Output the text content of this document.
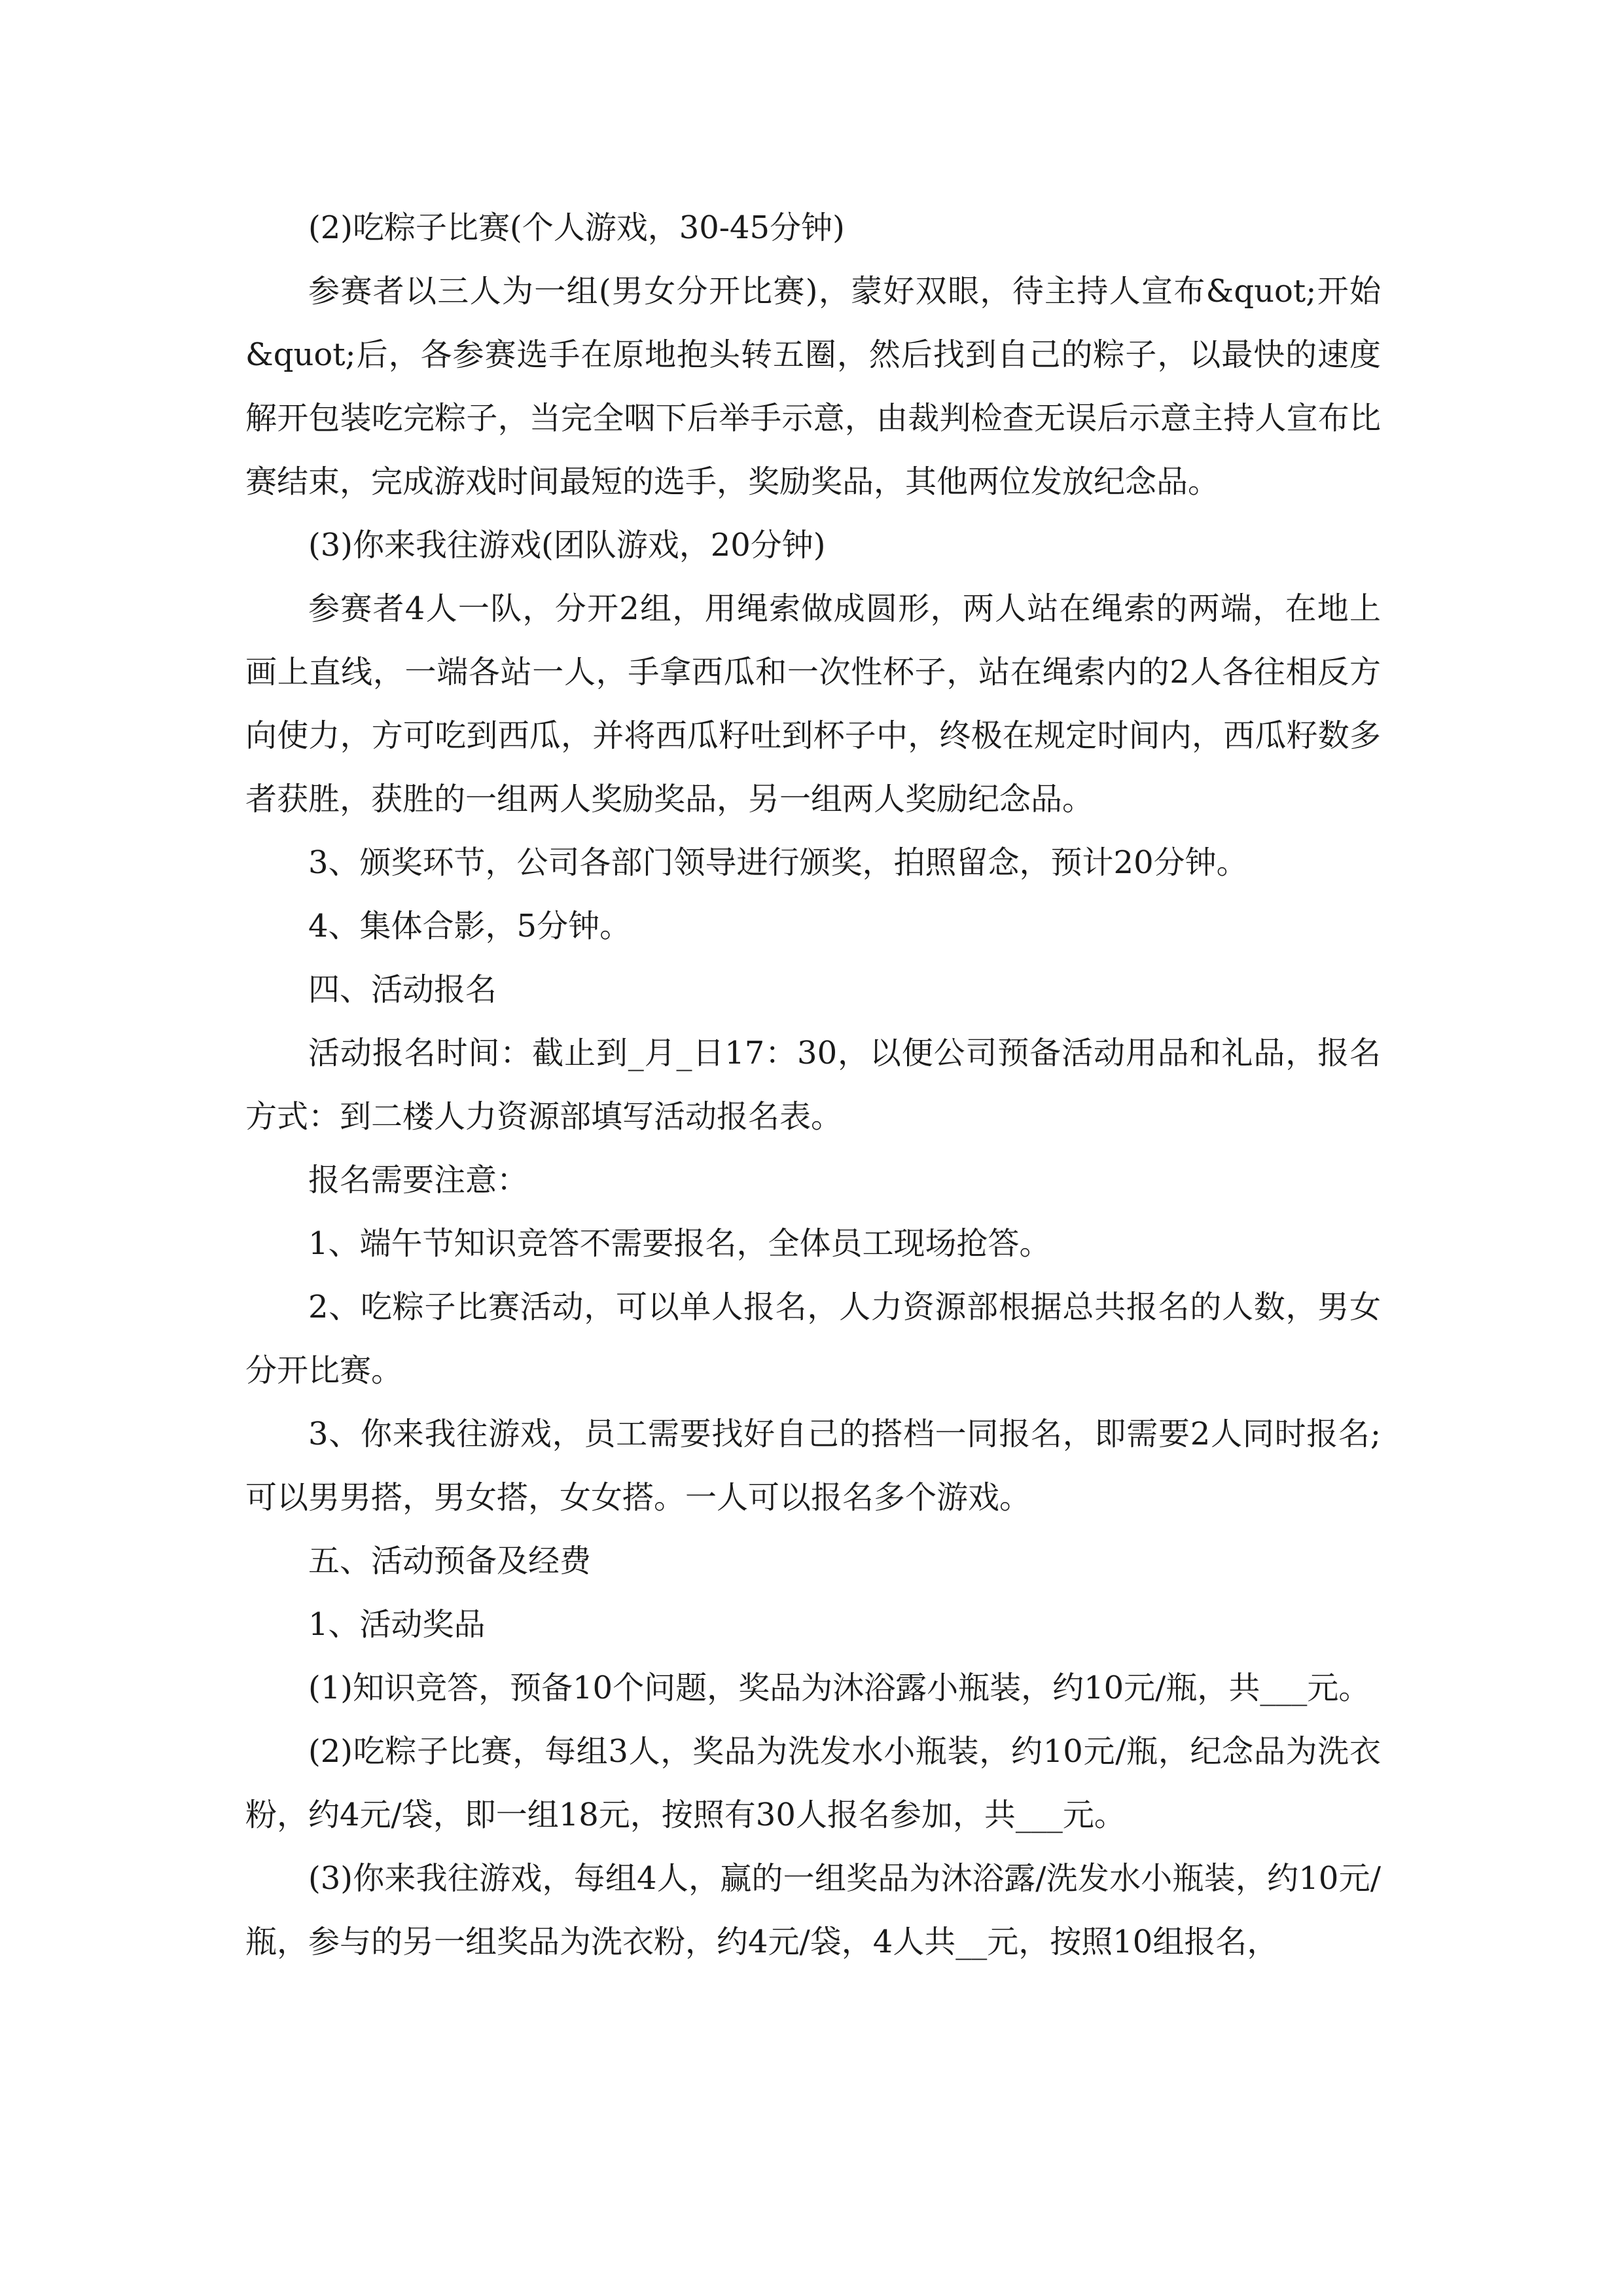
(2)吃粽子比赛(个人游戏，30-45分钟)

参赛者以三人为一组(男女分开比赛)，蒙好双眼，待主持人宣布&quot;开始&quot;后，各参赛选手在原地抱头转五圈，然后找到自己的粽子，以最快的速度解开包装吃完粽子，当完全咽下后举手示意，由裁判检查无误后示意主持人宣布比赛结束，完成游戏时间最短的选手，奖励奖品，其他两位发放纪念品。

(3)你来我往游戏(团队游戏，20分钟)

参赛者4人一队，分开2组，用绳索做成圆形，两人站在绳索的两端，在地上画上直线，一端各站一人，手拿西瓜和一次性杯子，站在绳索内的2人各往相反方向使力，方可吃到西瓜，并将西瓜籽吐到杯子中，终极在规定时间内，西瓜籽数多者获胜，获胜的一组两人奖励奖品，另一组两人奖励纪念品。

3、颁奖环节，公司各部门领导进行颁奖，拍照留念，预计20分钟。

4、集体合影，5分钟。

四、活动报名

活动报名时间：截止到_月_日17：30，以便公司预备活动用品和礼品，报名方式：到二楼人力资源部填写活动报名表。

报名需要注意：

1、端午节知识竞答不需要报名，全体员工现场抢答。

2、吃粽子比赛活动，可以单人报名，人力资源部根据总共报名的人数，男女分开比赛。

3、你来我往游戏，员工需要找好自己的搭档一同报名，即需要2人同时报名;可以男男搭，男女搭，女女搭。一人可以报名多个游戏。

五、活动预备及经费

1、活动奖品

(1)知识竞答，预备10个问题，奖品为沐浴露小瓶装，约10元/瓶，共___元。

(2)吃粽子比赛，每组3人，奖品为洗发水小瓶装，约10元/瓶，纪念品为洗衣粉，约4元/袋，即一组18元，按照有30人报名参加，共___元。

(3)你来我往游戏，每组4人，赢的一组奖品为沐浴露/洗发水小瓶装，约10元/瓶，参与的另一组奖品为洗衣粉，约4元/袋，4人共__元，按照10组报名，
